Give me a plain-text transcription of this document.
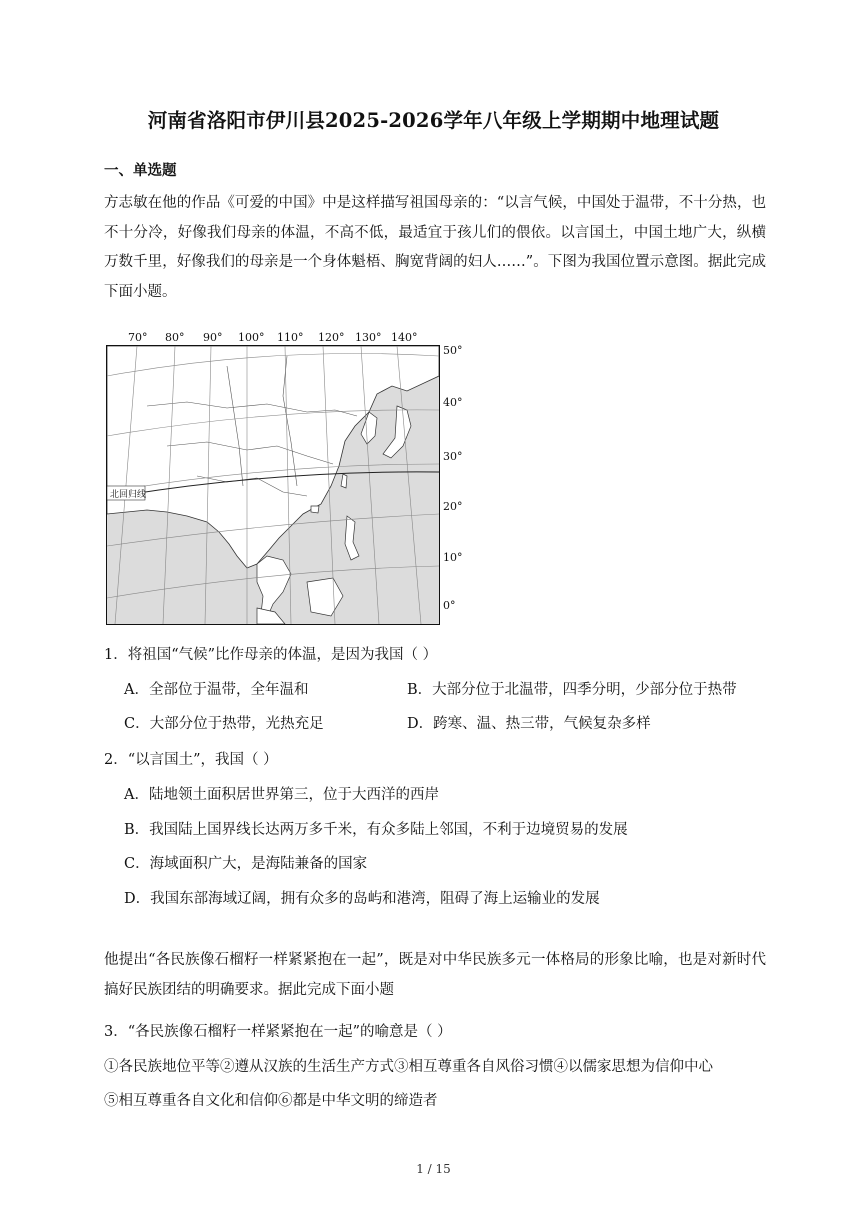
河南省洛阳市伊川县2025-2026学年八年级上学期期中地理试题
一、单选题
方志敏在他的作品《可爱的中国》中是这样描写祖国母亲的：“以言气候，中国处于温带，不十分热，也不十分冷，好像我们母亲的体温，不高不低，最适宜于孩儿们的偎依。以言国土，中国土地广大，纵横万数千里，好像我们的母亲是一个身体魁梧、胸宽背阔的妇人……”。下图为我国位置示意图。据此完成下面小题。
70° 80° 90° 100° 110° 120° 130° 140°
50°
40°
30°
20°
10°
0°
北回归线
1．将祖国“气候”比作母亲的体温，是因为我国（ ）
A．全部位于温带，全年温和	B．大部分位于北温带，四季分明，少部分位于热带
C．大部分位于热带，光热充足	D．跨寒、温、热三带，气候复杂多样
2．“以言国土”，我国（ ）
A．陆地领土面积居世界第三，位于大西洋的西岸
B．我国陆上国界线长达两万多千米，有众多陆上邻国，不利于边境贸易的发展
C．海域面积广大，是海陆兼备的国家
D．我国东部海域辽阔，拥有众多的岛屿和港湾，阻碍了海上运输业的发展
他提出“各民族像石榴籽一样紧紧抱在一起”，既是对中华民族多元一体格局的形象比喻，也是对新时代搞好民族团结的明确要求。据此完成下面小题
3．“各民族像石榴籽一样紧紧抱在一起”的喻意是（ ）
①各民族地位平等②遵从汉族的生活生产方式③相互尊重各自风俗习惯④以儒家思想为信仰中心
⑤相互尊重各自文化和信仰⑥都是中华文明的缔造者
1 / 15
